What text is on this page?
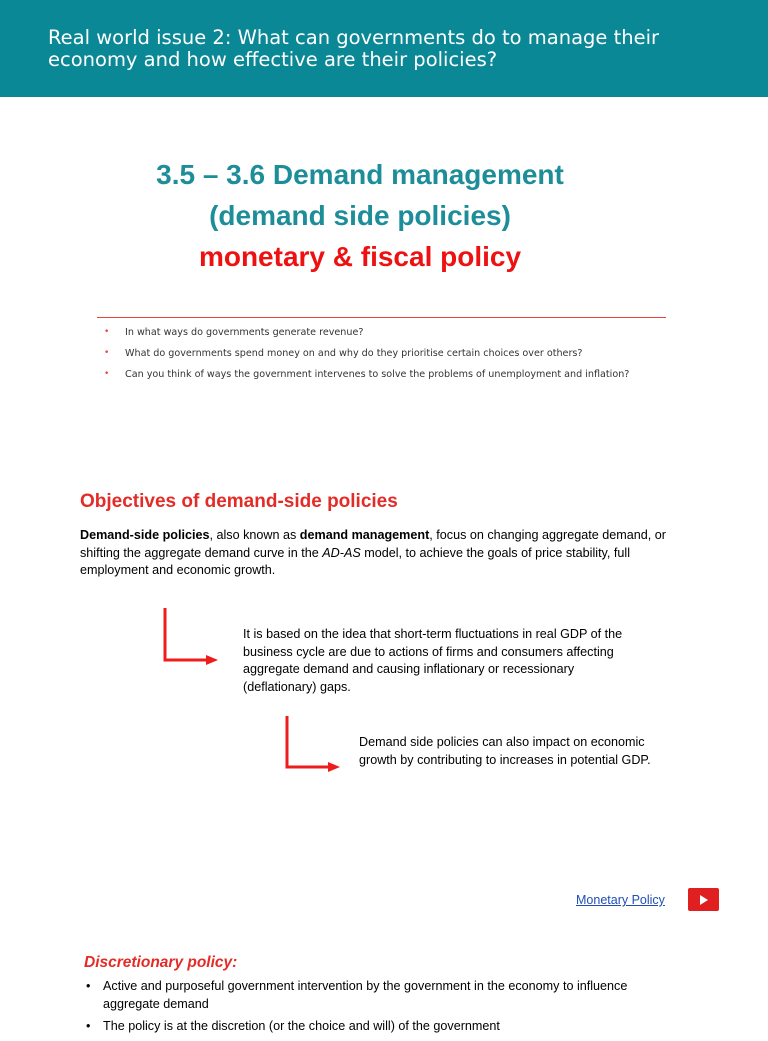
Real world issue 2: What can governments do to manage their economy and how effective are their policies?
3.5 – 3.6 Demand management
(demand side policies)
monetary & fiscal policy
• In what ways do governments generate revenue?
• What do governments spend money on and why do they prioritise certain choices over others?
• Can you think of ways the government intervenes to solve the problems of unemployment and inflation?
Objectives of demand-side policies
Demand-side policies, also known as demand management, focus on changing aggregate demand, or shifting the aggregate demand curve in the AD-AS model, to achieve the goals of price stability, full employment and economic growth.
It is based on the idea that short-term fluctuations in real GDP of the business cycle are due to actions of firms and consumers affecting aggregate demand and causing inflationary or recessionary (deflationary) gaps.
Demand side policies can also impact on economic growth by contributing to increases in potential GDP.
Monetary Policy
Discretionary policy:
• Active and purposeful government intervention by the government in the economy to influence aggregate demand
• The policy is at the discretion (or the choice and will) of the government
